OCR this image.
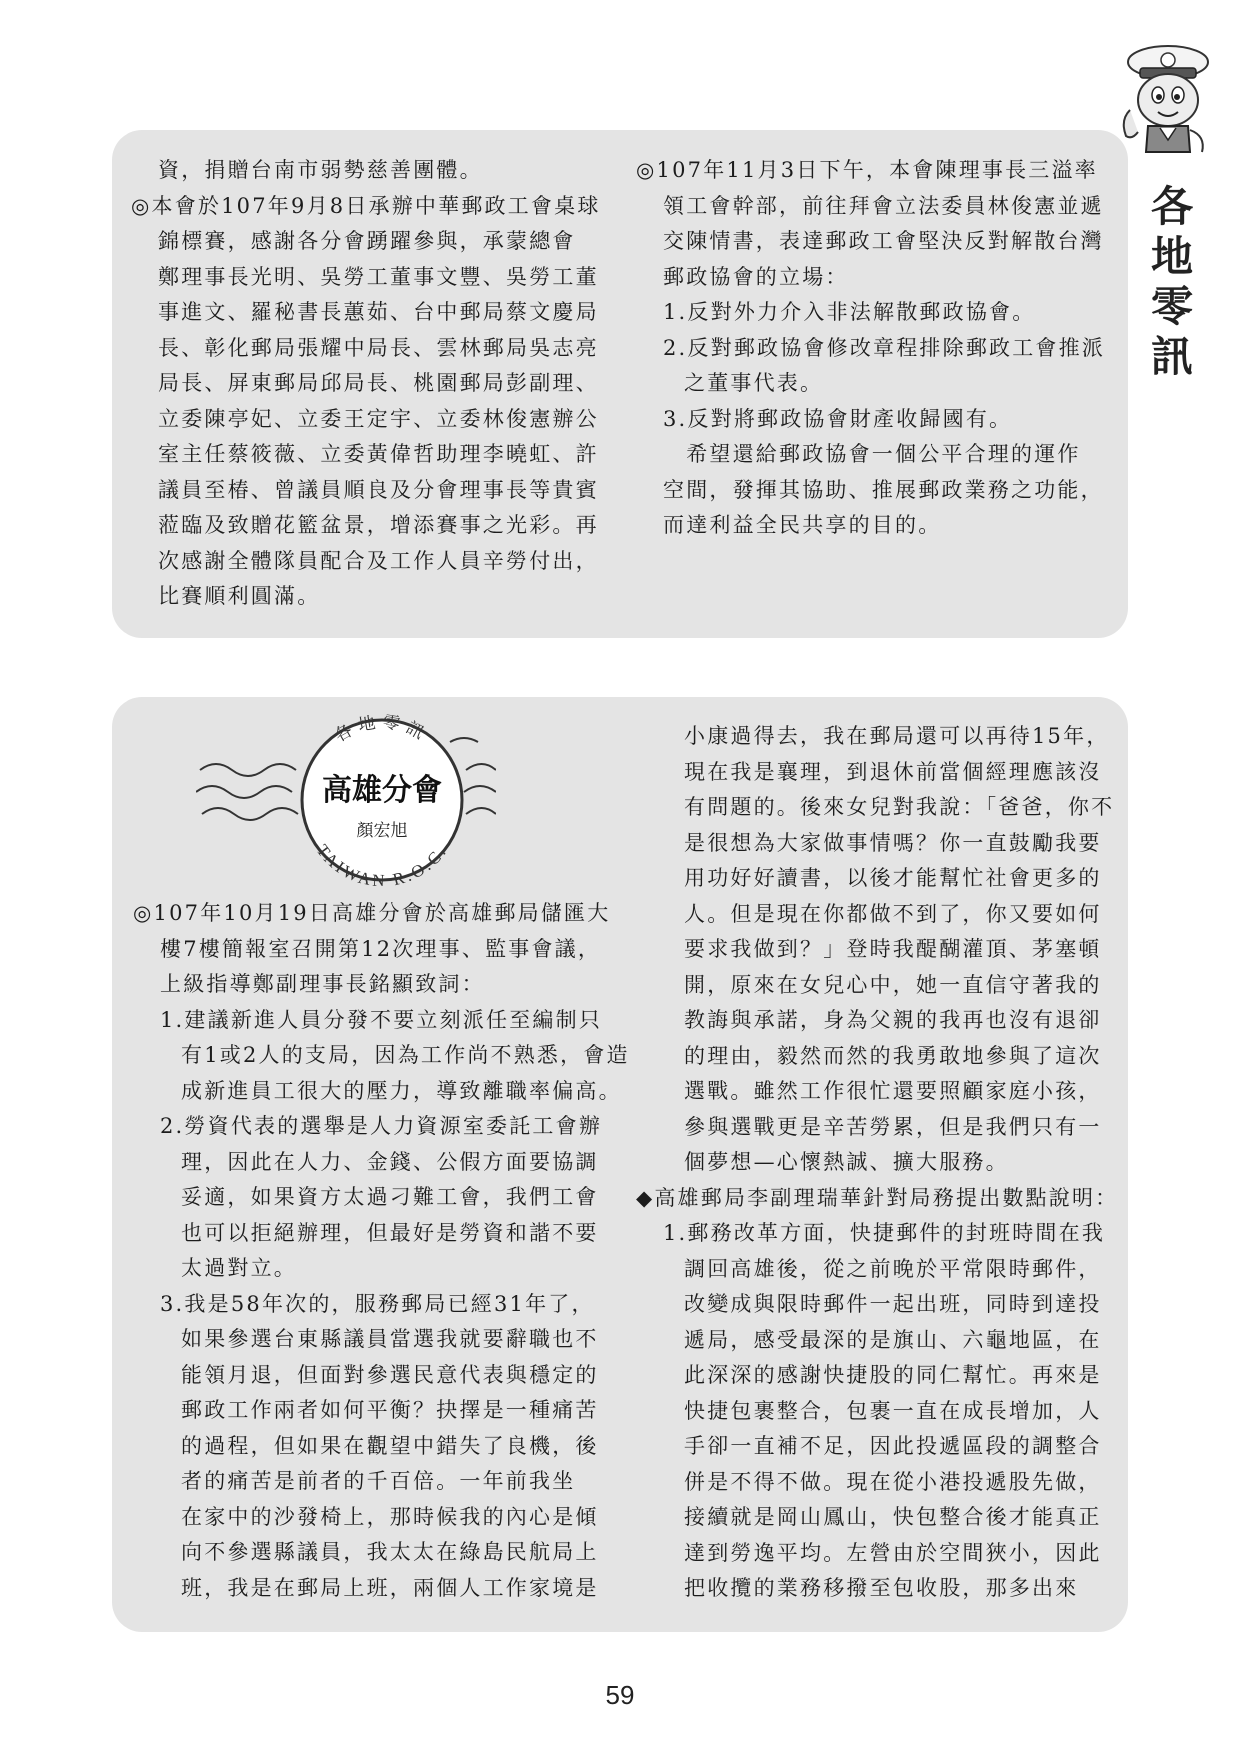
各
地
零
訊
資，捐贈台南市弱勢慈善團體。
◎本會於107年9月8日承辦中華郵政工會桌球
錦標賽，感謝各分會踴躍參與，承蒙總會
鄭理事長光明、吳勞工董事文豐、吳勞工董
事進文、羅秘書長蕙茹、台中郵局蔡文慶局
長、彰化郵局張耀中局長、雲林郵局吳志亮
局長、屏東郵局邱局長、桃園郵局彭副理、
立委陳亭妃、立委王定宇、立委林俊憲辦公
室主任蔡筱薇、立委黃偉哲助理李曉虹、許
議員至椿、曾議員順良及分會理事長等貴賓
蒞臨及致贈花籃盆景，增添賽事之光彩。再
次感謝全體隊員配合及工作人員辛勞付出，
比賽順利圓滿。
◎107年11月3日下午，本會陳理事長三溢率
領工會幹部，前往拜會立法委員林俊憲並遞
交陳情書，表達郵政工會堅決反對解散台灣
郵政協會的立場：
1.反對外力介入非法解散郵政協會。
2.反對郵政協會修改章程排除郵政工會推派
之董事代表。
3.反對將郵政協會財產收歸國有。
　希望還給郵政協會一個公平合理的運作
空間，發揮其協助、推展郵政業務之功能，
而達利益全民共享的目的。
各地零訊
高雄分會
顏宏旭
TAIWAN R.O.C.
◎107年10月19日高雄分會於高雄郵局儲匯大
樓7樓簡報室召開第12次理事、監事會議，
上級指導鄭副理事長銘顯致詞：
1.建議新進人員分發不要立刻派任至編制只
有1或2人的支局，因為工作尚不熟悉，會造
成新進員工很大的壓力，導致離職率偏高。
2.勞資代表的選舉是人力資源室委託工會辦
理，因此在人力、金錢、公假方面要協調
妥適，如果資方太過刁難工會，我們工會
也可以拒絕辦理，但最好是勞資和諧不要
太過對立。
3.我是58年次的，服務郵局已經31年了，
如果參選台東縣議員當選我就要辭職也不
能領月退，但面對參選民意代表與穩定的
郵政工作兩者如何平衡？抉擇是一種痛苦
的過程，但如果在觀望中錯失了良機，後
者的痛苦是前者的千百倍。一年前我坐
在家中的沙發椅上，那時候我的內心是傾
向不參選縣議員，我太太在綠島民航局上
班，我是在郵局上班，兩個人工作家境是
小康過得去，我在郵局還可以再待15年，
現在我是襄理，到退休前當個經理應該沒
有問題的。後來女兒對我說：「爸爸，你不
是很想為大家做事情嗎？你一直鼓勵我要
用功好好讀書，以後才能幫忙社會更多的
人。但是現在你都做不到了，你又要如何
要求我做到？」登時我醍醐灌頂、茅塞頓
開，原來在女兒心中，她一直信守著我的
教誨與承諾，身為父親的我再也沒有退卻
的理由，毅然而然的我勇敢地參與了這次
選戰。雖然工作很忙還要照顧家庭小孩，
參與選戰更是辛苦勞累，但是我們只有一
個夢想—心懷熱誠、擴大服務。
◆高雄郵局李副理瑞華針對局務提出數點說明：
1.郵務改革方面，快捷郵件的封班時間在我
調回高雄後，從之前晚於平常限時郵件，
改變成與限時郵件一起出班，同時到達投
遞局，感受最深的是旗山、六龜地區，在
此深深的感謝快捷股的同仁幫忙。再來是
快捷包裹整合，包裹一直在成長增加，人
手卻一直補不足，因此投遞區段的調整合
併是不得不做。現在從小港投遞股先做，
接續就是岡山鳳山，快包整合後才能真正
達到勞逸平均。左營由於空間狹小，因此
把收攬的業務移撥至包收股，那多出來
59
